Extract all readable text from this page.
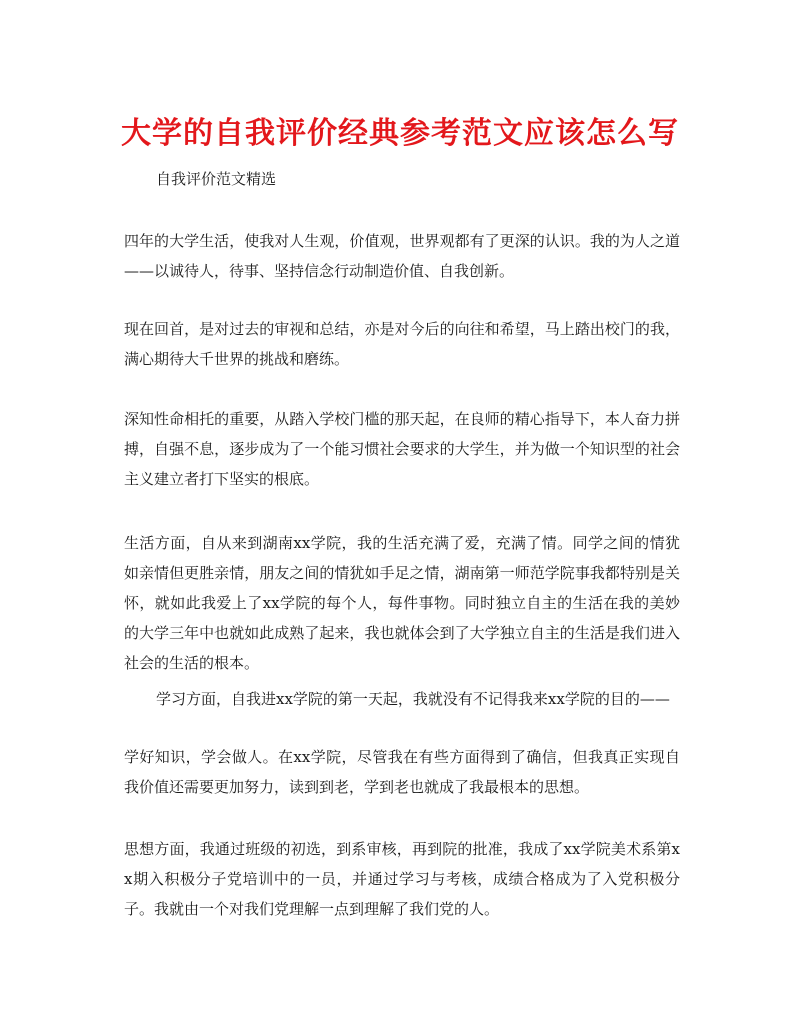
大学的自我评价经典参考范文应该怎么写
自我评价范文精选
四年的大学生活，使我对人生观，价值观，世界观都有了更深的认识。我的为人之道——以诚待人，待事、坚持信念行动制造价值、自我创新。
现在回首，是对过去的审视和总结，亦是对今后的向往和希望，马上踏出校门的我，满心期待大千世界的挑战和磨练。
深知性命相托的重要，从踏入学校门槛的那天起，在良师的精心指导下，本人奋力拼搏，自强不息，逐步成为了一个能习惯社会要求的大学生，并为做一个知识型的社会主义建立者打下坚实的根底。
生活方面，自从来到湖南xx学院，我的生活充满了爱，充满了情。同学之间的情犹如亲情但更胜亲情，朋友之间的情犹如手足之情，湖南第一师范学院事我都特别是关怀，就如此我爱上了xx学院的每个人，每件事物。同时独立自主的生活在我的美妙的大学三年中也就如此成熟了起来，我也就体会到了大学独立自主的生活是我们进入社会的生活的根本。
学习方面，自我进xx学院的第一天起，我就没有不记得我来xx学院的目的——
学好知识，学会做人。在xx学院，尽管我在有些方面得到了确信，但我真正实现自我价值还需要更加努力，读到到老，学到老也就成了我最根本的思想。
思想方面，我通过班级的初选，到系审核，再到院的批准，我成了xx学院美术系第xx期入积极分子党培训中的一员，并通过学习与考核，成绩合格成为了入党积极分子。我就由一个对我们党理解一点到理解了我们党的人。
